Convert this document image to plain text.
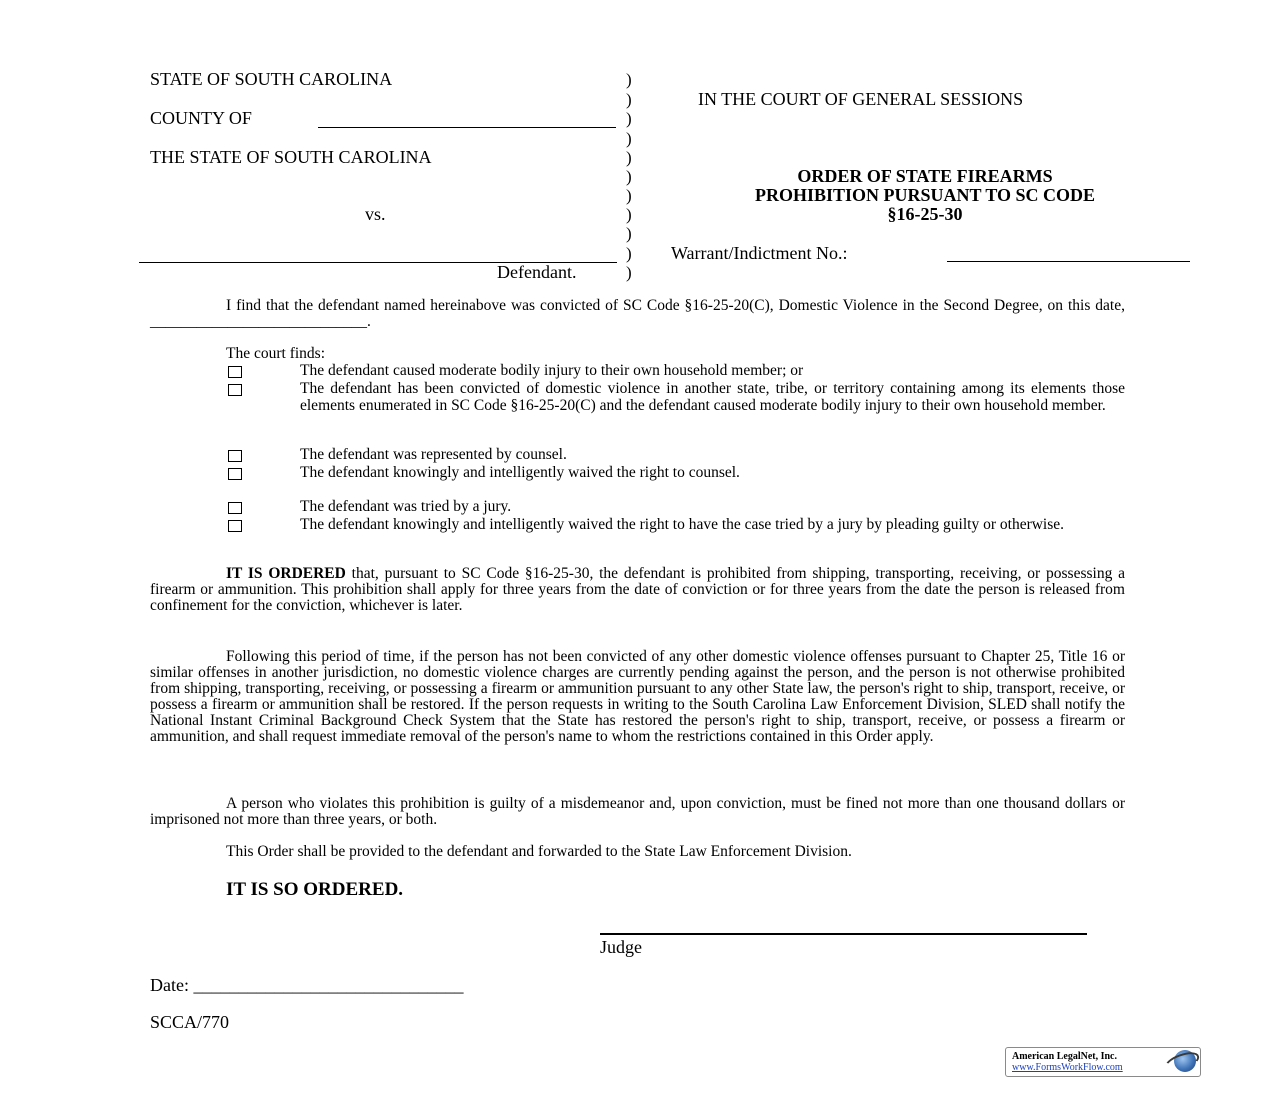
STATE OF SOUTH CAROLINA
COUNTY OF
THE STATE OF SOUTH CAROLINA
vs.
Defendant.
)
)
)
)
)
)
)
)
)
)
)
IN THE COURT OF GENERAL SESSIONS
ORDER OF STATE FIREARMS
PROHIBITION PURSUANT TO SC CODE
§16-25-30
Warrant/Indictment No.:
I find that the defendant named hereinabove was convicted of SC Code §16-25-20(C), Domestic Violence in the Second Degree, on this date, ____________________________.
The court finds:
The defendant caused moderate bodily injury to their own household member; or
The defendant has been convicted of domestic violence in another state, tribe, or territory containing among its elements those elements enumerated in SC Code §16-25-20(C) and the defendant caused moderate bodily injury to their own household member.
The defendant was represented by counsel.
The defendant knowingly and intelligently waived the right to counsel.
The defendant was tried by a jury.
The defendant knowingly and intelligently waived the right to have the case tried by a jury by pleading guilty or otherwise.
IT IS ORDERED that, pursuant to SC Code §16-25-30, the defendant is prohibited from shipping, transporting, receiving, or possessing a firearm or ammunition. This prohibition shall apply for three years from the date of conviction or for three years from the date the person is released from confinement for the conviction, whichever is later.
Following this period of time, if the person has not been convicted of any other domestic violence offenses pursuant to Chapter 25, Title 16 or similar offenses in another jurisdiction, no domestic violence charges are currently pending against the person, and the person is not otherwise prohibited from shipping, transporting, receiving, or possessing a firearm or ammunition pursuant to any other State law, the person's right to ship, transport, receive, or possess a firearm or ammunition shall be restored. If the person requests in writing to the South Carolina Law Enforcement Division, SLED shall notify the National Instant Criminal Background Check System that the State has restored the person's right to ship, transport, receive, or possess a firearm or ammunition, and shall request immediate removal of the person's name to whom the restrictions contained in this Order apply.
A person who violates this prohibition is guilty of a misdemeanor and, upon conviction, must be fined not more than one thousand dollars or imprisoned not more than three years, or both.
This Order shall be provided to the defendant and forwarded to the State Law Enforcement Division.
IT IS SO ORDERED.
Judge
Date: ______________________________
SCCA/770
American LegalNet, Inc.
www.FormsWorkFlow.com
